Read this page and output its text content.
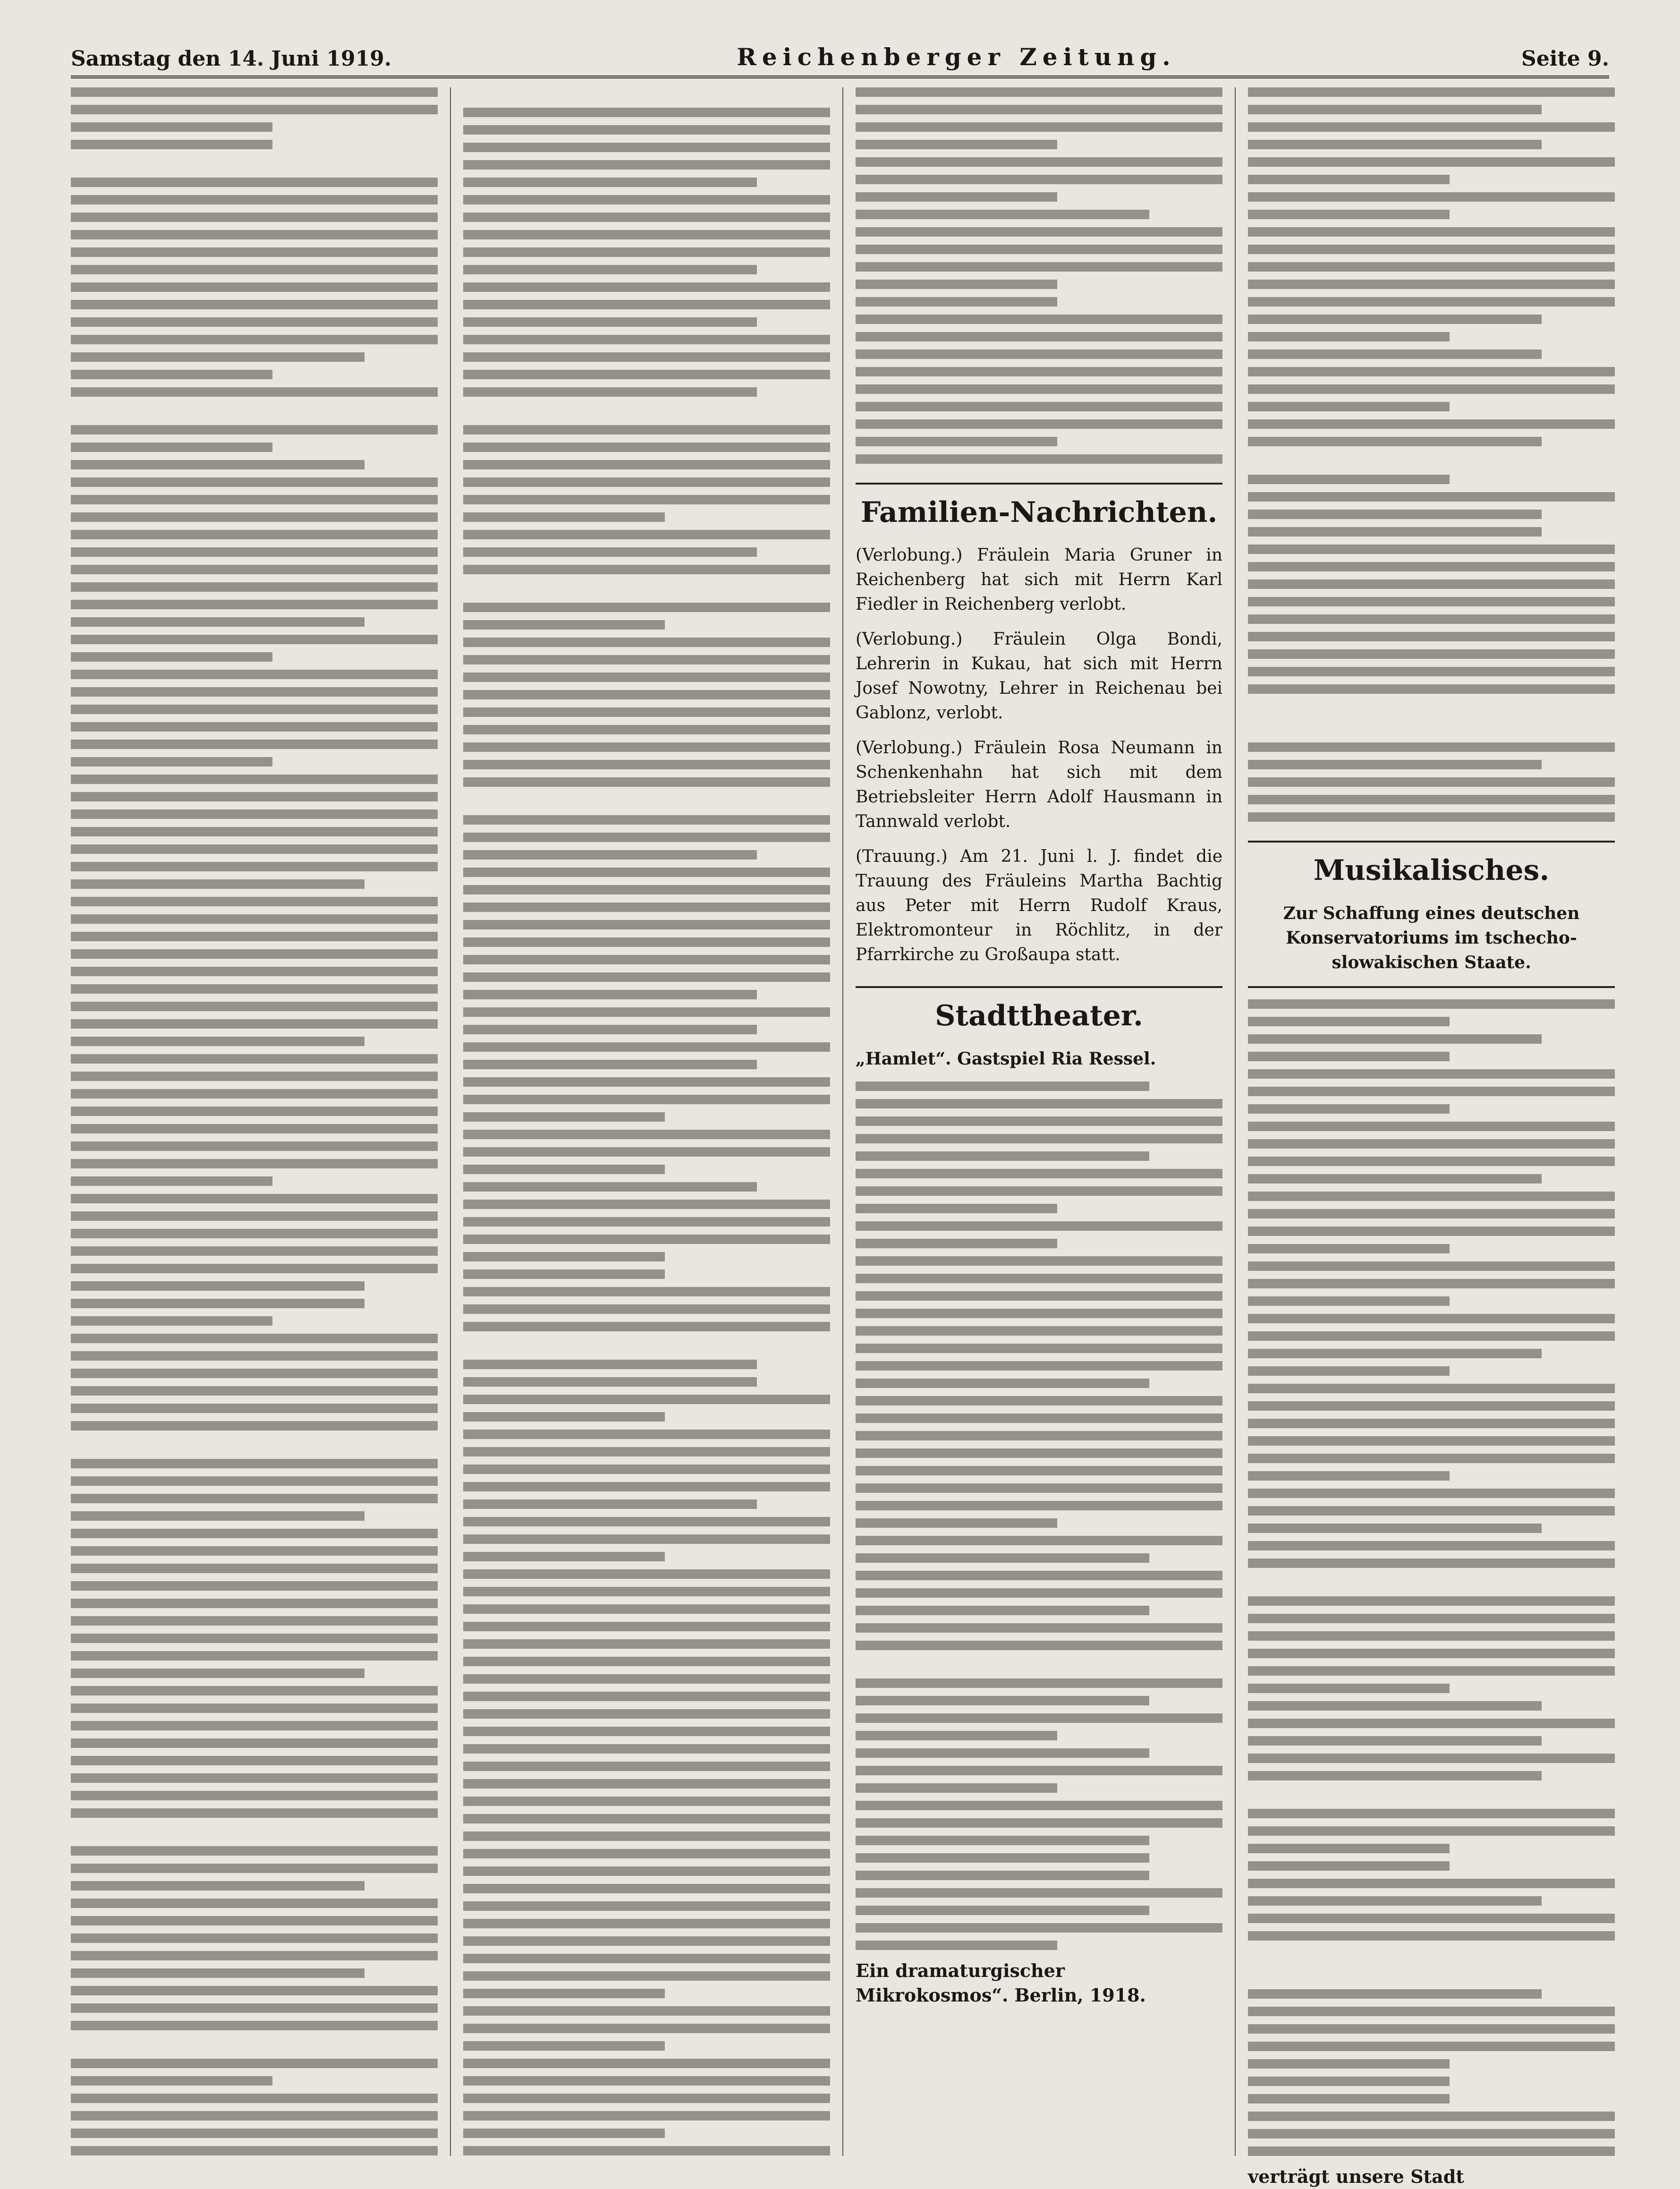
Samstag den 14. Juni 1919.	Reichenberger Zeitung.	Seite 9.
Familien-Nachrichten.
(Verlobung.) Fräulein Maria Gruner in Reichenberg hat sich mit Herrn Karl Fiedler in Reichenberg verlobt.
(Verlobung.) Fräulein Olga Bondi, Lehrerin in Kukau, hat sich mit Herrn Josef Nowotny, Lehrer in Reichenau bei Gablonz, verlobt.
(Verlobung.) Fräulein Rosa Neumann in Schenkenhahn hat sich mit dem Betriebsleiter Herrn Adolf Hausmann in Tannwald verlobt.
(Trauung.) Am 21. Juni l. J. findet die Trauung des Fräuleins Martha Bachtig aus Peter mit Herrn Rudolf Kraus, Elektromonteur in Röchlitz, in der Pfarrkirche zu Großaupa statt.
Stadttheater.
„Hamlet“. Gastspiel Ria Ressel.
Ein dramaturgischer Mikrokosmos“. Berlin, 1918.
Musikalisches.
Zur Schaffung eines deutschen Konservatoriums im tschecho-slowakischen Staate.
verträgt unsere Stadt
